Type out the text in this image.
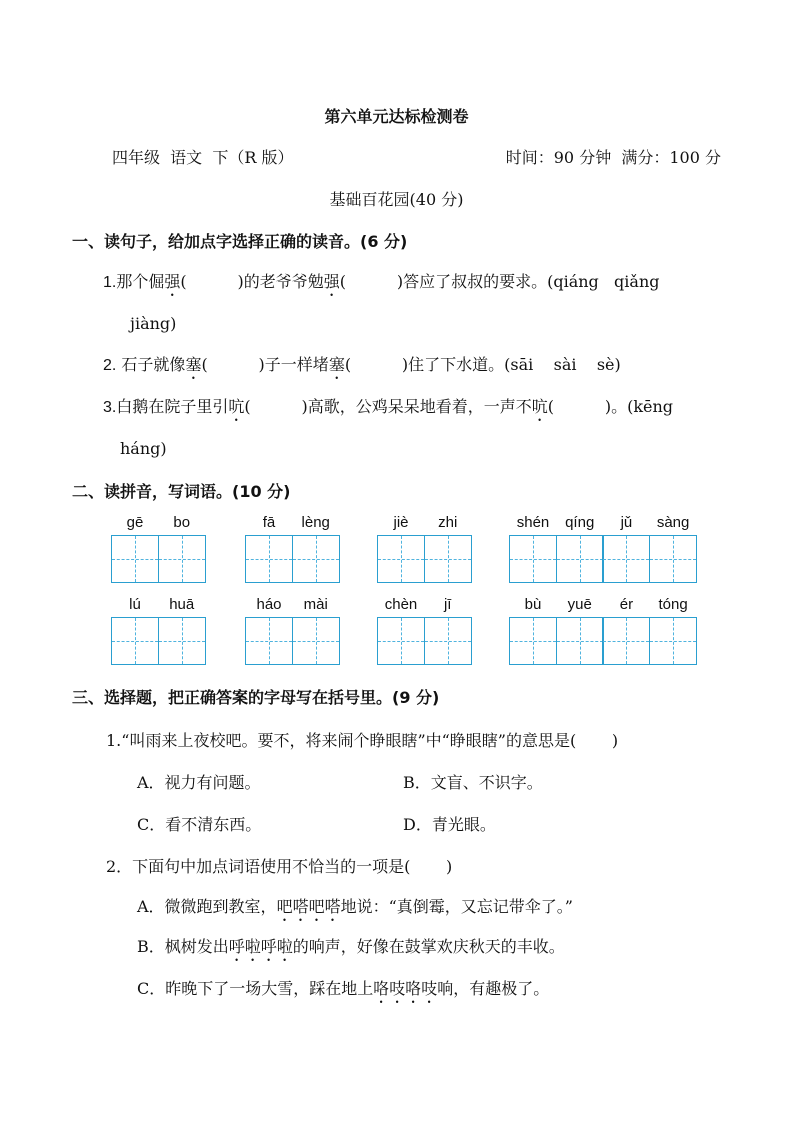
第六单元达标检测卷
四年级  语文  下（R 版）	时间：90 分钟  满分：100 分
基础百花园(40 分)
一、读句子，给加点字选择正确的读音。(6 分)
1.那个倔强(          )的老爷爷勉强(          )答应了叔叔的要求。(qiáng   qiǎng
jiàng)
2. 石子就像塞(          )子一样堵塞(          )住了下水道。(sāi    sài    sè)
3.白鹅在院子里引吭(          )高歌，公鸡呆呆地看着，一声不吭(          )。(kēng
háng)
二、读拼音，写词语。(10 分)
gē	bo	fā	lèng	jiè	zhi	shén	qíng	jǔ	sàng
lú	huā	háo	mài	chèn	jī	bù	yuē	ér	tóng
三、选择题，把正确答案的字母写在括号里。(9 分)
1.“叫雨来上夜校吧。要不，将来闹个睁眼瞎”中“睁眼瞎”的意思是(       )
A．视力有问题。	B．文盲、不识字。
C．看不清东西。	D．青光眼。
2．下面句中加点词语使用不恰当的一项是(       )
A．微微跑到教室，吧嗒吧嗒地说：“真倒霉，又忘记带伞了。”
B．枫树发出呼啦呼啦的响声，好像在鼓掌欢庆秋天的丰收。
C．昨晚下了一场大雪，踩在地上咯吱咯吱响，有趣极了。
